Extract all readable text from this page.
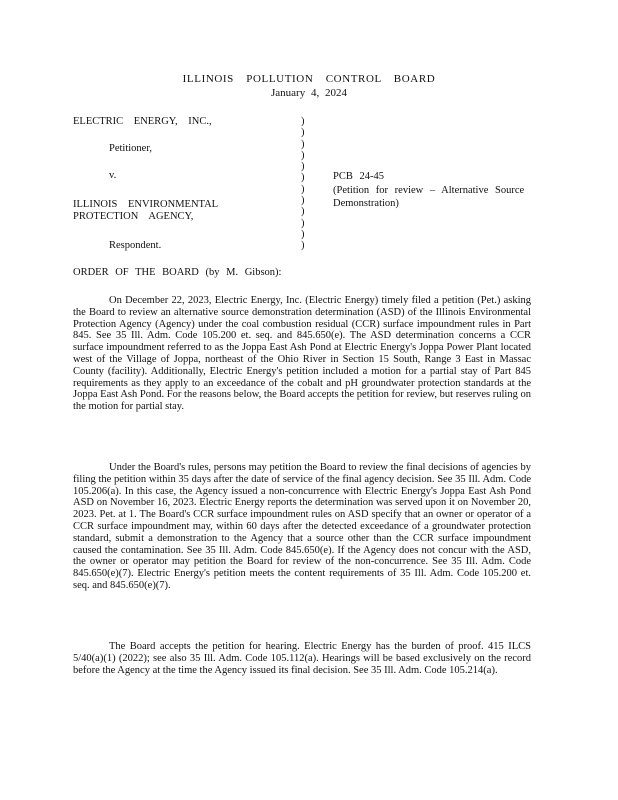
ILLINOIS POLLUTION CONTROL BOARD
January 4, 2024
ELECTRIC ENERGY, INC.,
Petitioner,
v.
ILLINOIS ENVIRONMENTAL
PROTECTION AGENCY,
Respondent.
)
)
)
)
)
)
)
)
)
)
)
)
PCB 24-45
(Petition for review – Alternative Source
Demonstration)
ORDER OF THE BOARD (by M. Gibson):
On December 22, 2023, Electric Energy, Inc. (Electric Energy) timely filed a petition (Pet.) asking the Board to review an alternative source demonstration determination (ASD) of the Illinois Environmental Protection Agency (Agency) under the coal combustion residual (CCR) surface impoundment rules in Part 845. See 35 Ill. Adm. Code 105.200 et. seq. and 845.650(e). The ASD determination concerns a CCR surface impoundment referred to as the Joppa East Ash Pond at Electric Energy's Joppa Power Plant located west of the Village of Joppa, northeast of the Ohio River in Section 15 South, Range 3 East in Massac County (facility). Additionally, Electric Energy's petition included a motion for a partial stay of Part 845 requirements as they apply to an exceedance of the cobalt and pH groundwater protection standards at the Joppa East Ash Pond. For the reasons below, the Board accepts the petition for review, but reserves ruling on the motion for partial stay.
Under the Board's rules, persons may petition the Board to review the final decisions of agencies by filing the petition within 35 days after the date of service of the final agency decision. See 35 Ill. Adm. Code 105.206(a). In this case, the Agency issued a non-concurrence with Electric Energy's Joppa East Ash Pond ASD on November 16, 2023. Electric Energy reports the determination was served upon it on November 20, 2023. Pet. at 1. The Board's CCR surface impoundment rules on ASD specify that an owner or operator of a CCR surface impoundment may, within 60 days after the detected exceedance of a groundwater protection standard, submit a demonstration to the Agency that a source other than the CCR surface impoundment caused the contamination. See 35 Ill. Adm. Code 845.650(e). If the Agency does not concur with the ASD, the owner or operator may petition the Board for review of the non-concurrence. See 35 Ill. Adm. Code 845.650(e)(7). Electric Energy's petition meets the content requirements of 35 Ill. Adm. Code 105.200 et. seq. and 845.650(e)(7).
The Board accepts the petition for hearing. Electric Energy has the burden of proof. 415 ILCS 5/40(a)(1) (2022); see also 35 Ill. Adm. Code 105.112(a). Hearings will be based exclusively on the record before the Agency at the time the Agency issued its final decision. See 35 Ill. Adm. Code 105.214(a).
